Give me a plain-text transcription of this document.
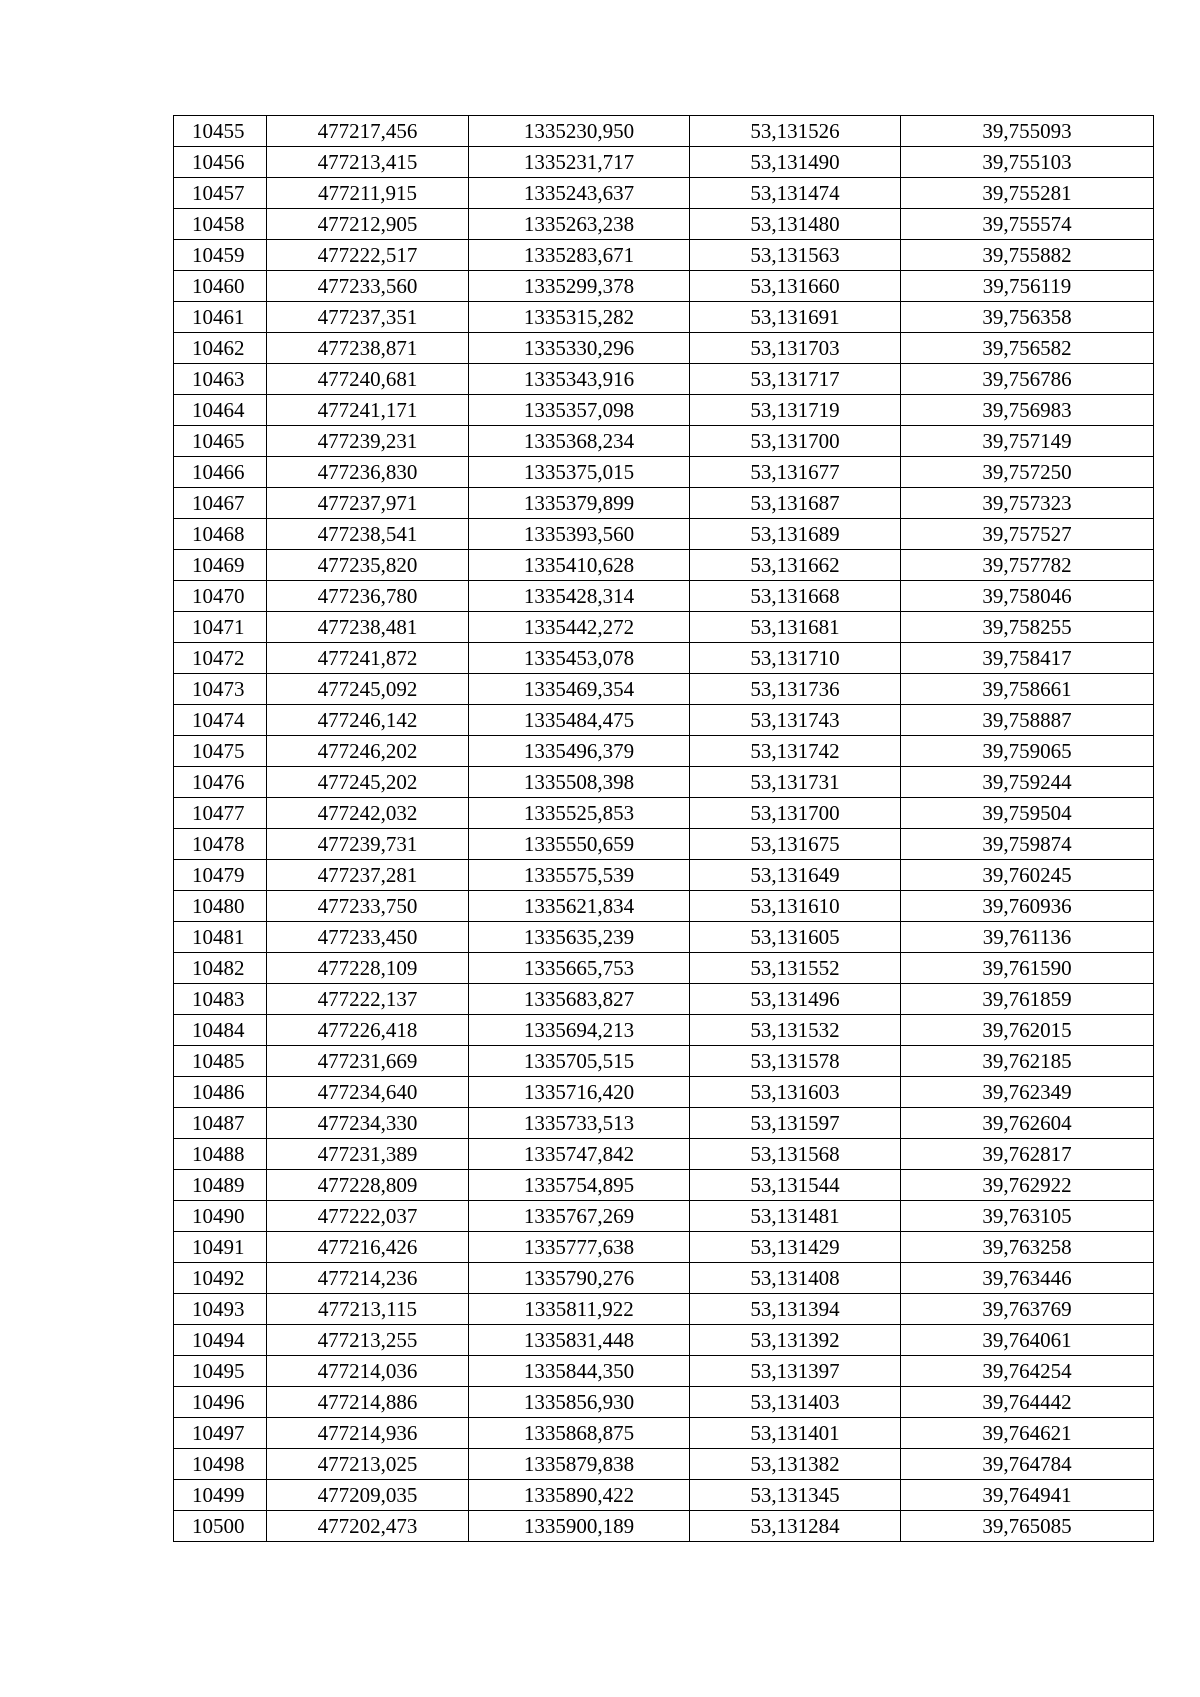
10455	477217,456	1335230,950	53,131526	39,755093
10456	477213,415	1335231,717	53,131490	39,755103
10457	477211,915	1335243,637	53,131474	39,755281
10458	477212,905	1335263,238	53,131480	39,755574
10459	477222,517	1335283,671	53,131563	39,755882
10460	477233,560	1335299,378	53,131660	39,756119
10461	477237,351	1335315,282	53,131691	39,756358
10462	477238,871	1335330,296	53,131703	39,756582
10463	477240,681	1335343,916	53,131717	39,756786
10464	477241,171	1335357,098	53,131719	39,756983
10465	477239,231	1335368,234	53,131700	39,757149
10466	477236,830	1335375,015	53,131677	39,757250
10467	477237,971	1335379,899	53,131687	39,757323
10468	477238,541	1335393,560	53,131689	39,757527
10469	477235,820	1335410,628	53,131662	39,757782
10470	477236,780	1335428,314	53,131668	39,758046
10471	477238,481	1335442,272	53,131681	39,758255
10472	477241,872	1335453,078	53,131710	39,758417
10473	477245,092	1335469,354	53,131736	39,758661
10474	477246,142	1335484,475	53,131743	39,758887
10475	477246,202	1335496,379	53,131742	39,759065
10476	477245,202	1335508,398	53,131731	39,759244
10477	477242,032	1335525,853	53,131700	39,759504
10478	477239,731	1335550,659	53,131675	39,759874
10479	477237,281	1335575,539	53,131649	39,760245
10480	477233,750	1335621,834	53,131610	39,760936
10481	477233,450	1335635,239	53,131605	39,761136
10482	477228,109	1335665,753	53,131552	39,761590
10483	477222,137	1335683,827	53,131496	39,761859
10484	477226,418	1335694,213	53,131532	39,762015
10485	477231,669	1335705,515	53,131578	39,762185
10486	477234,640	1335716,420	53,131603	39,762349
10487	477234,330	1335733,513	53,131597	39,762604
10488	477231,389	1335747,842	53,131568	39,762817
10489	477228,809	1335754,895	53,131544	39,762922
10490	477222,037	1335767,269	53,131481	39,763105
10491	477216,426	1335777,638	53,131429	39,763258
10492	477214,236	1335790,276	53,131408	39,763446
10493	477213,115	1335811,922	53,131394	39,763769
10494	477213,255	1335831,448	53,131392	39,764061
10495	477214,036	1335844,350	53,131397	39,764254
10496	477214,886	1335856,930	53,131403	39,764442
10497	477214,936	1335868,875	53,131401	39,764621
10498	477213,025	1335879,838	53,131382	39,764784
10499	477209,035	1335890,422	53,131345	39,764941
10500	477202,473	1335900,189	53,131284	39,765085
